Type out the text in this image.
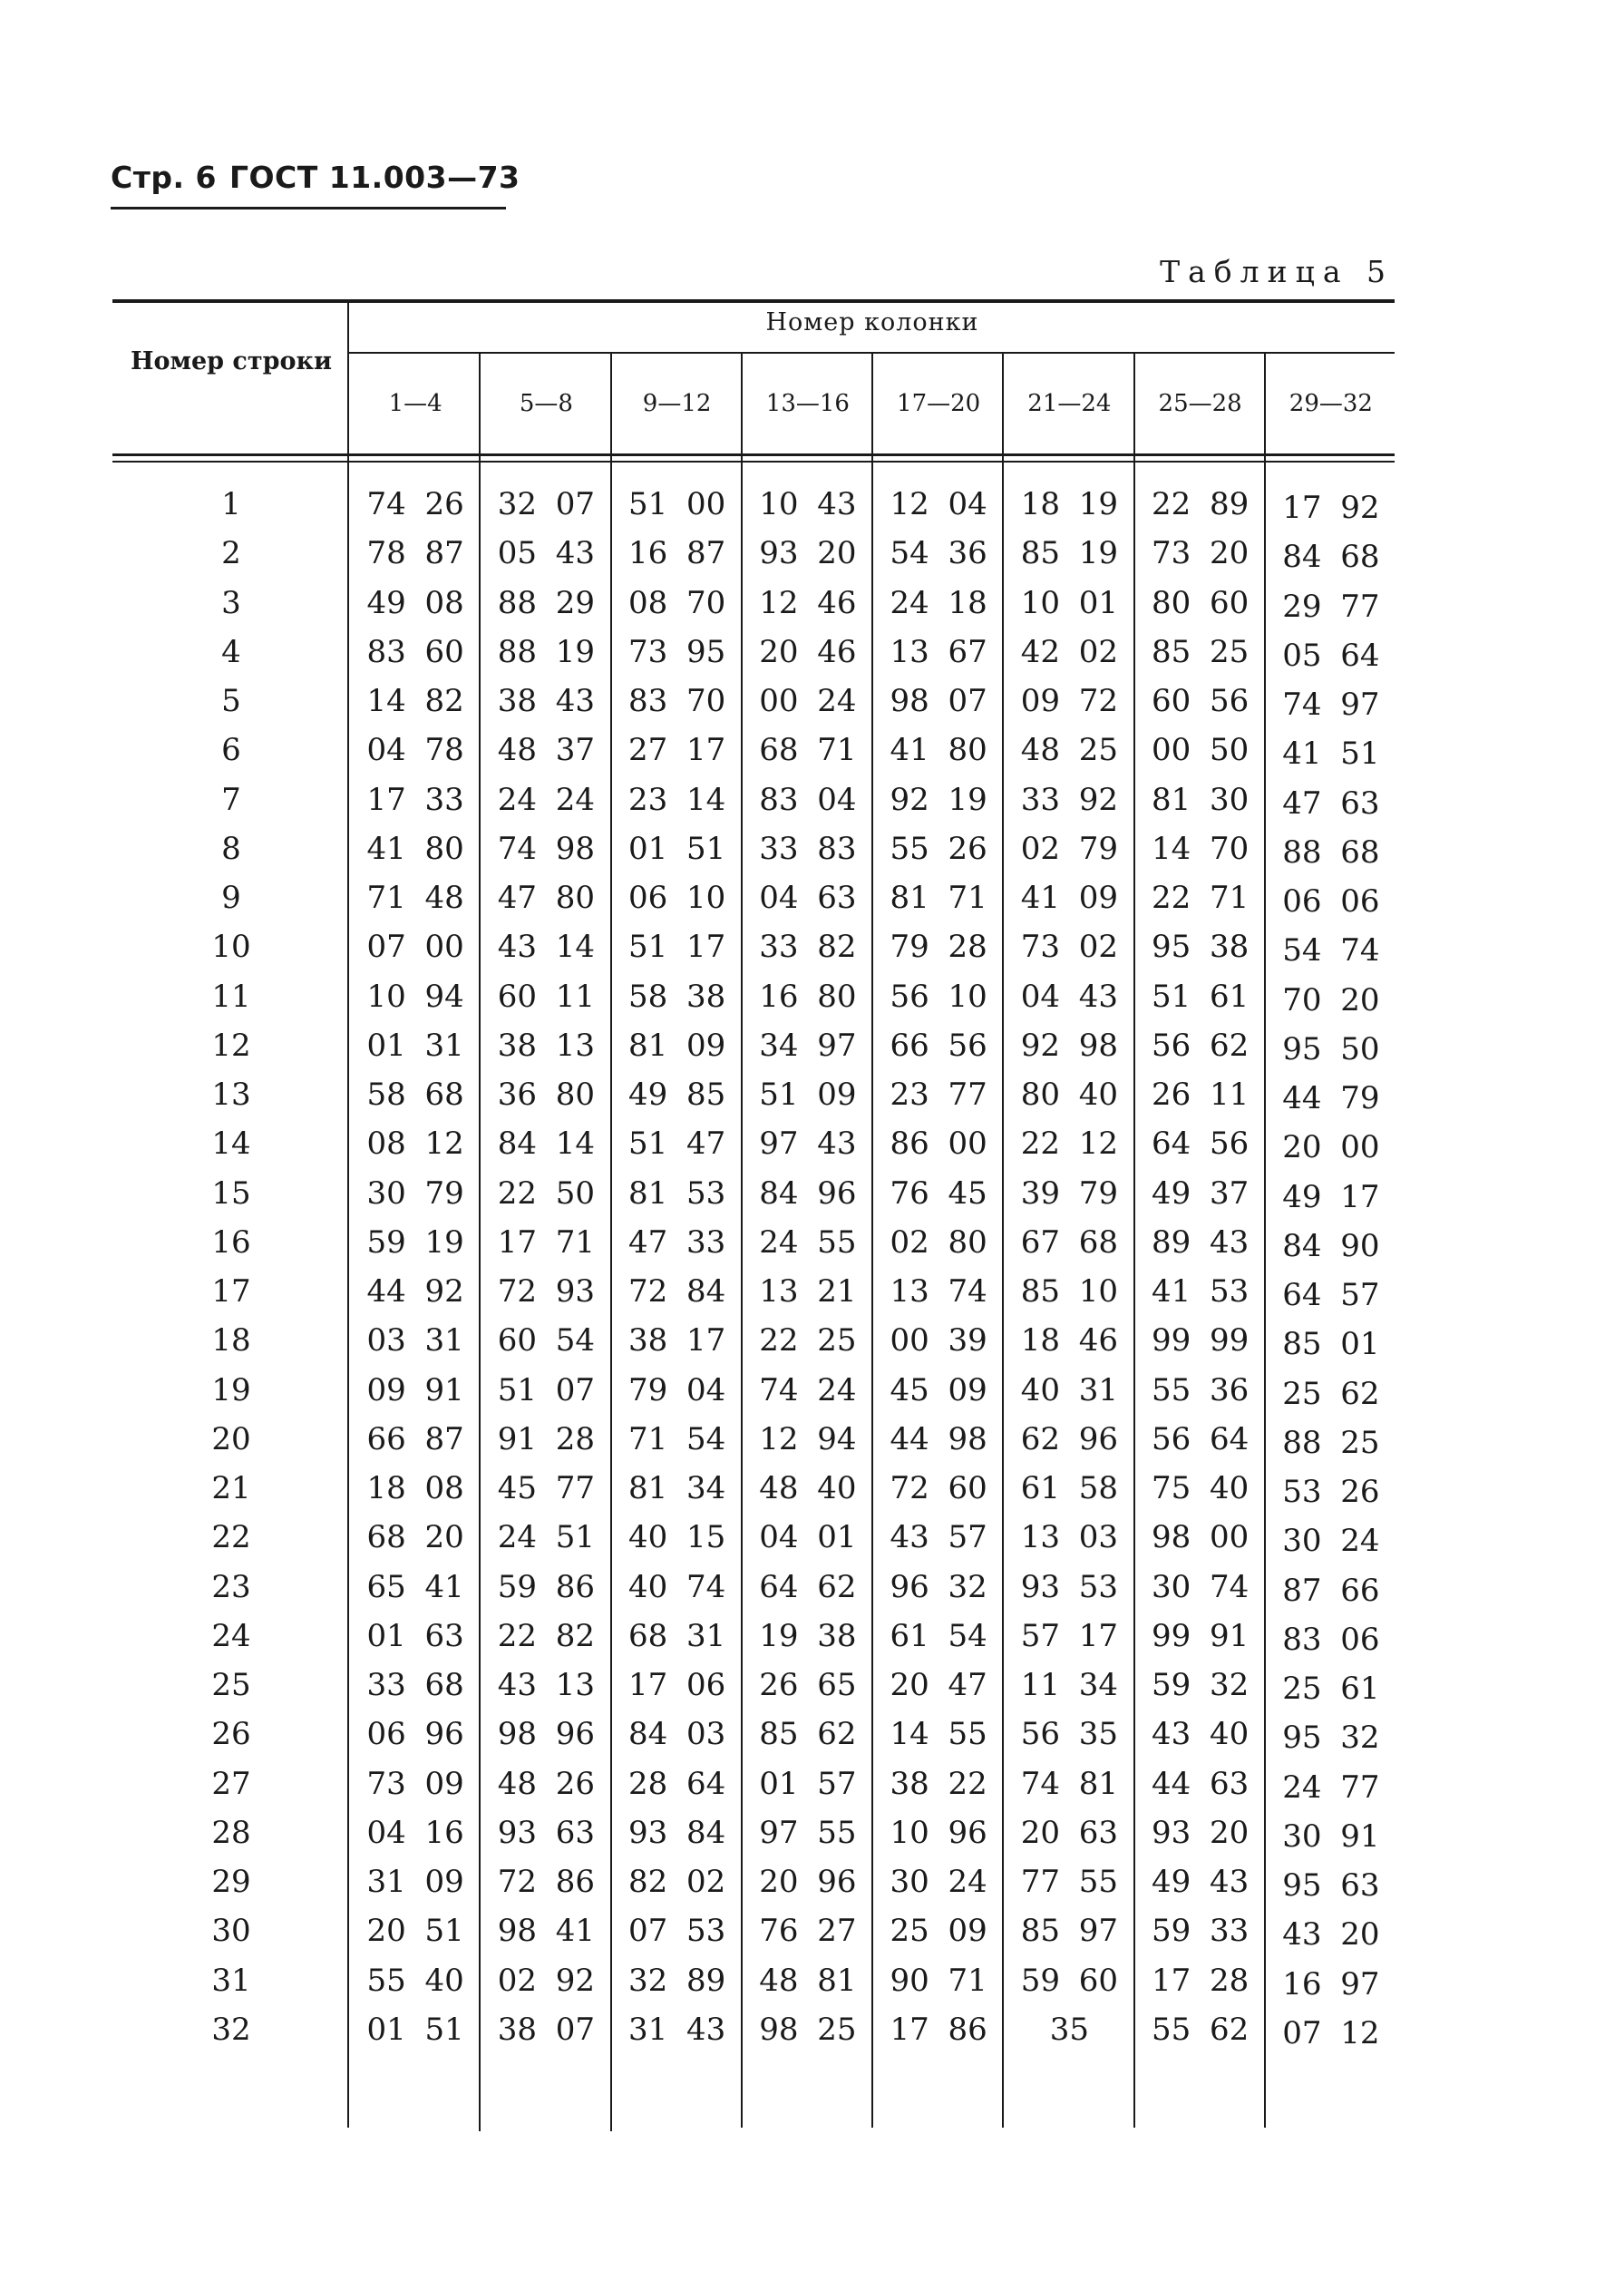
Стр. 6 ГОСТ 11.003—73
Таблица 5
Номер колонки
Номер строки
1—4	5—8	9—12	13—16	17—20	21—24	25—28	29—32
1	74 26	32 07	51 00	10 43	12 04	18 19	22 89	17 92
2	78 87	05 43	16 87	93 20	54 36	85 19	73 20	84 68
3	49 08	88 29	08 70	12 46	24 18	10 01	80 60	29 77
4	83 60	88 19	73 95	20 46	13 67	42 02	85 25	05 64
5	14 82	38 43	83 70	00 24	98 07	09 72	60 56	74 97
6	04 78	48 37	27 17	68 71	41 80	48 25	00 50	41 51
7	17 33	24 24	23 14	83 04	92 19	33 92	81 30	47 63
8	41 80	74 98	01 51	33 83	55 26	02 79	14 70	88 68
9	71 48	47 80	06 10	04 63	81 71	41 09	22 71	06 06
10	07 00	43 14	51 17	33 82	79 28	73 02	95 38	54 74
11	10 94	60 11	58 38	16 80	56 10	04 43	51 61	70 20
12	01 31	38 13	81 09	34 97	66 56	92 98	56 62	95 50
13	58 68	36 80	49 85	51 09	23 77	80 40	26 11	44 79
14	08 12	84 14	51 47	97 43	86 00	22 12	64 56	20 00
15	30 79	22 50	81 53	84 96	76 45	39 79	49 37	49 17
16	59 19	17 71	47 33	24 55	02 80	67 68	89 43	84 90
17	44 92	72 93	72 84	13 21	13 74	85 10	41 53	64 57
18	03 31	60 54	38 17	22 25	00 39	18 46	99 99	85 01
19	09 91	51 07	79 04	74 24	45 09	40 31	55 36	25 62
20	66 87	91 28	71 54	12 94	44 98	62 96	56 64	88 25
21	18 08	45 77	81 34	48 40	72 60	61 58	75 40	53 26
22	68 20	24 51	40 15	04 01	43 57	13 03	98 00	30 24
23	65 41	59 86	40 74	64 62	96 32	93 53	30 74	87 66
24	01 63	22 82	68 31	19 38	61 54	57 17	99 91	83 06
25	33 68	43 13	17 06	26 65	20 47	11 34	59 32	25 61
26	06 96	98 96	84 03	85 62	14 55	56 35	43 40	95 32
27	73 09	48 26	28 64	01 57	38 22	74 81	44 63	24 77
28	04 16	93 63	93 84	97 55	10 96	20 63	93 20	30 91
29	31 09	72 86	82 02	20 96	30 24	77 55	49 43	95 63
30	20 51	98 41	07 53	76 27	25 09	85 97	59 33	43 20
31	55 40	02 92	32 89	48 81	90 71	59 60	17 28	16 97
32	01 51	38 07	31 43	98 25	17 86	35	55 62	07 12
